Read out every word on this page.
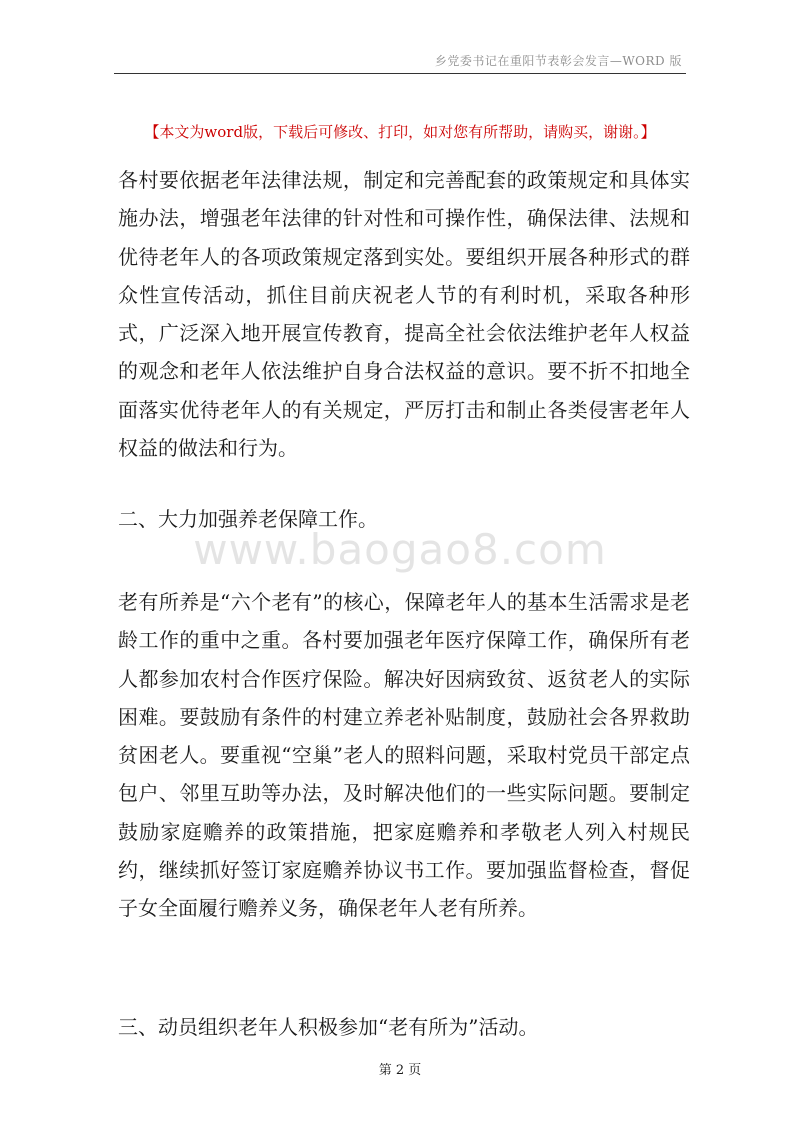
乡党委书记在重阳节表彰会发言—WORD 版
【本文为word版，下载后可修改、打印，如对您有所帮助，请购买，谢谢。】
各村要依据老年法律法规，制定和完善配套的政策规定和具体实施办法，增强老年法律的针对性和可操作性，确保法律、法规和优待老年人的各项政策规定落到实处。要组织开展各种形式的群众性宣传活动，抓住目前庆祝老人节的有利时机，采取各种形式，广泛深入地开展宣传教育，提高全社会依法维护老年人权益的观念和老年人依法维护自身合法权益的意识。要不折不扣地全面落实优待老年人的有关规定，严厉打击和制止各类侵害老年人权益的做法和行为。
二、大力加强养老保障工作。
www.baogao8.com
老有所养是“六个老有”的核心，保障老年人的基本生活需求是老龄工作的重中之重。各村要加强老年医疗保障工作，确保所有老人都参加农村合作医疗保险。解决好因病致贫、返贫老人的实际困难。要鼓励有条件的村建立养老补贴制度，鼓励社会各界救助贫困老人。要重视“空巢”老人的照料问题，采取村党员干部定点包户、邻里互助等办法，及时解决他们的一些实际问题。要制定鼓励家庭赡养的政策措施，把家庭赡养和孝敬老人列入村规民约，继续抓好签订家庭赡养协议书工作。要加强监督检查，督促子女全面履行赡养义务，确保老年人老有所养。
三、动员组织老年人积极参加“老有所为”活动。
第 2 页
